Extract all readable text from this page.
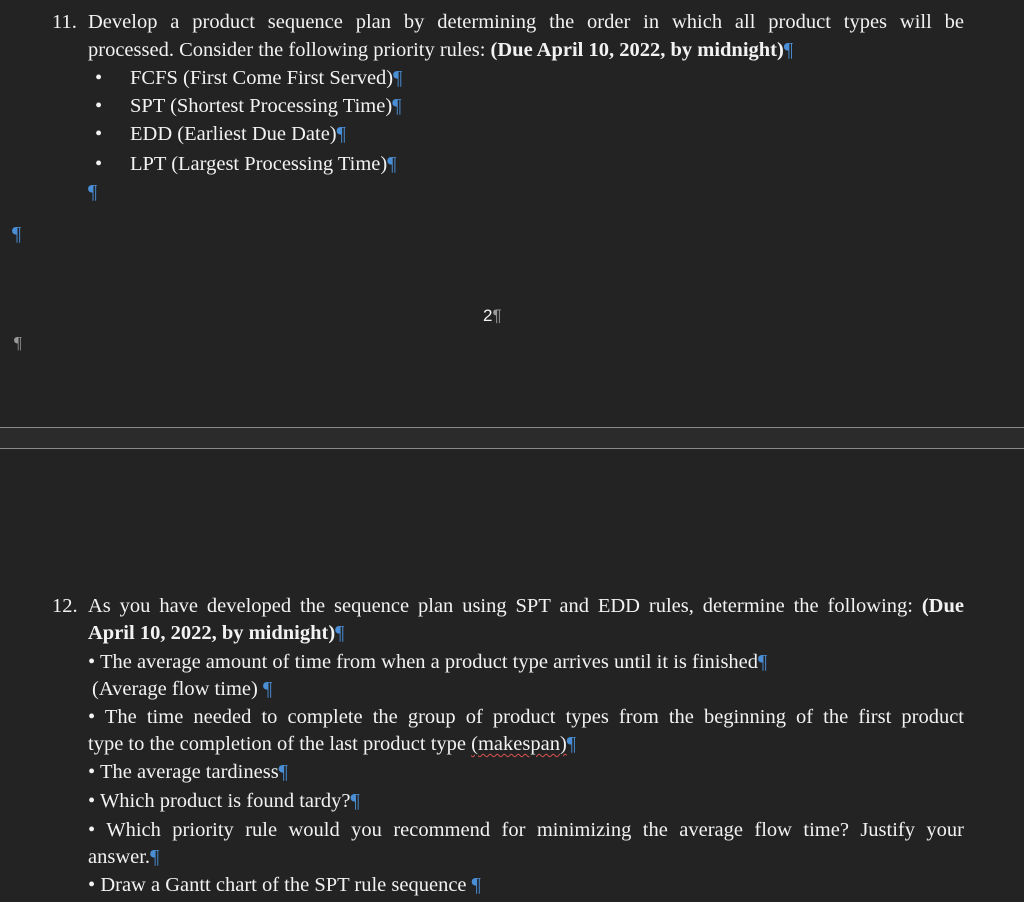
11. Develop a product sequence plan by determining the order in which all product types will be
processed. Consider the following priority rules: (Due April 10, 2022, by midnight)¶
• FCFS (First Come First Served)¶
• SPT (Shortest Processing Time)¶
• EDD (Earliest Due Date)¶
• LPT (Largest Processing Time)¶
¶
¶
2¶
¶
12. As you have developed the sequence plan using SPT and EDD rules, determine the following: (Due
April 10, 2022, by midnight)¶
• The average amount of time from when a product type arrives until it is finished¶
(Average flow time) ¶
• The time needed to complete the group of product types from the beginning of the first product
type to the completion of the last product type (makespan)¶
• The average tardiness¶
• Which product is found tardy?¶
• Which priority rule would you recommend for minimizing the average flow time? Justify your
answer.¶
• Draw a Gantt chart of the SPT rule sequence ¶
